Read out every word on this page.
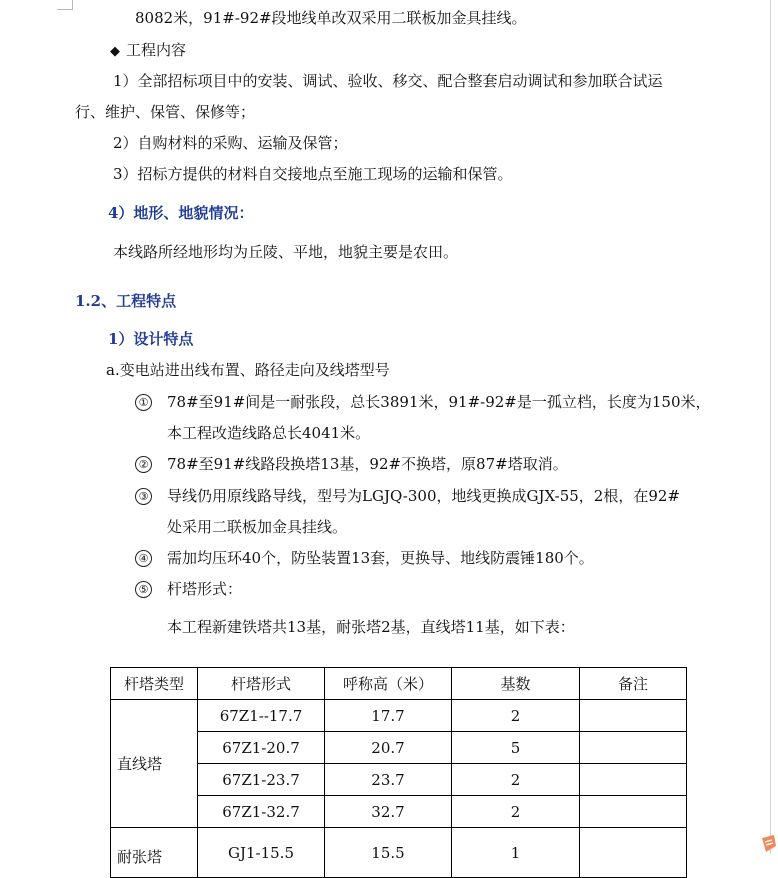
8082米，91#-92#段地线单改双采用二联板加金具挂线。
◆ 工程内容
1）全部招标项目中的安装、调试、验收、移交、配合整套启动调试和参加联合试运
行、维护、保管、保修等；
2）自购材料的采购、运输及保管；
3）招标方提供的材料自交接地点至施工现场的运输和保管。
4）地形、地貌情况：
本线路所经地形均为丘陵、平地，地貌主要是农田。
1.2、工程特点
1）设计特点
a.变电站进出线布置、路径走向及线塔型号
① 78#至91#间是一耐张段，总长3891米，91#-92#是一孤立档，长度为150米，
本工程改造线路总长4041米。
② 78#至91#线路段换塔13基，92#不换塔，原87#塔取消。
③ 导线仍用原线路导线，型号为LGJQ-300，地线更换成GJX-55，2根，在92#
处采用二联板加金具挂线。
④ 需加均压环40个，防坠装置13套，更换导、地线防震锤180个。
⑤ 杆塔形式：
本工程新建铁塔共13基，耐张塔2基，直线塔11基，如下表：
杆塔类型	杆塔形式	呼称高（米）	基数	备注
直线塔	67Z1--17.7	17.7	2	
	67Z1-20.7	20.7	5	
	67Z1-23.7	23.7	2	
	67Z1-32.7	32.7	2	
耐张塔	GJ1-15.5	15.5	1	
